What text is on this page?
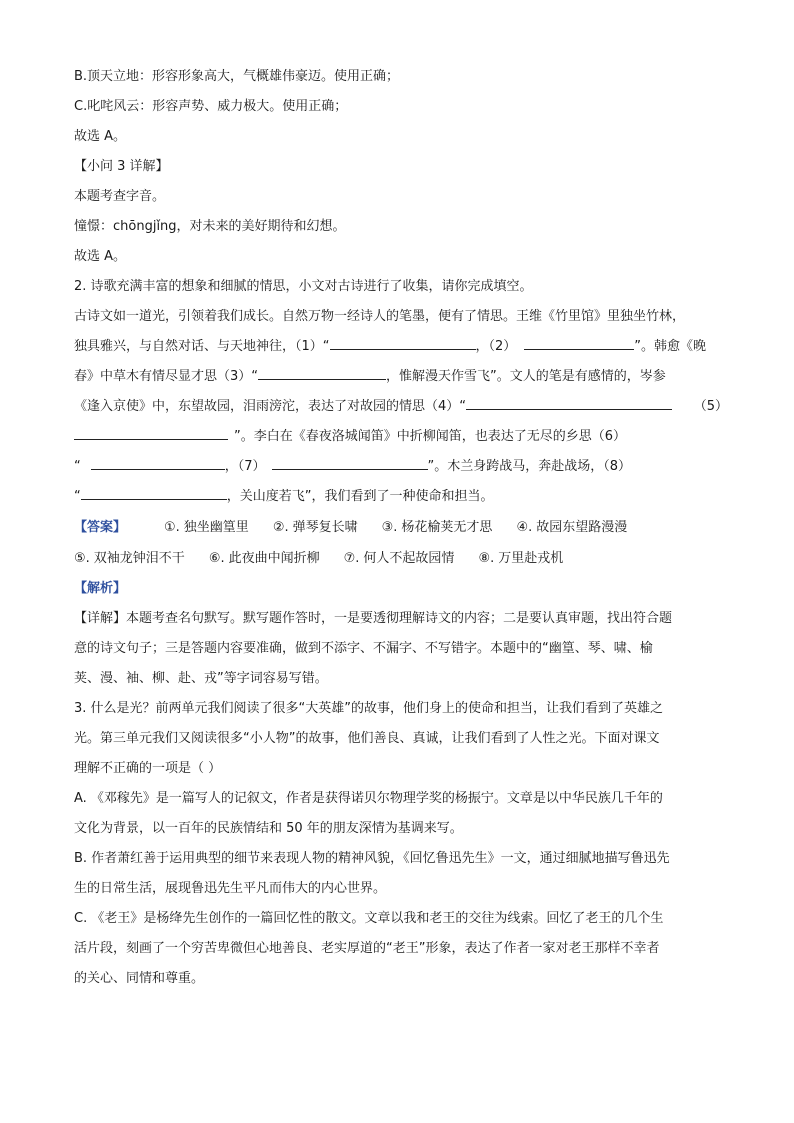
B.顶天立地：形容形象高大，气概雄伟豪迈。使用正确；

C.叱咤风云：形容声势、威力极大。使用正确；

故选 A。

【小问 3 详解】

本题考查字音。

憧憬：chōngjǐng，对未来的美好期待和幻想。

故选 A。

2. 诗歌充满丰富的想象和细腻的情思，小文对古诗进行了收集，请你完成填空。

古诗文如一道光，引领着我们成长。自然万物一经诗人的笔墨，便有了情思。王维《竹里馆》里独坐竹林，

独具雅兴，与自然对话、与天地神往，（1）“	，（2）	”。韩愈《晚

春》中草木有情尽显才思（3）“	，惟解漫天作雪飞”。文人的笔是有感情的，岑参

《逢入京使》中，东望故园，泪雨滂沱，表达了对故园的情思（4）“	（5）

”。李白在《春夜洛城闻笛》中折柳闻笛，也表达了无尽的乡思（6）

“	，（7）	”。木兰身跨战马，奔赴战场，（8）

“	，关山度若飞”，我们看到了一种使命和担当。

【答案】	①. 独坐幽篁里 ②. 弹琴复长啸 ③. 杨花榆荚无才思 ④. 故园东望路漫漫
⑤. 双袖龙钟泪不干 ⑥. 此夜曲中闻折柳 ⑦. 何人不起故园情 ⑧. 万里赴戎机

【解析】

【详解】本题考查名句默写。默写题作答时，一是要透彻理解诗文的内容；二是要认真审题，找出符合题

意的诗文句子；三是答题内容要准确，做到不添字、不漏字、不写错字。本题中的“幽篁、琴、啸、榆

荚、漫、袖、柳、赴、戎”等字词容易写错。

3. 什么是光？前两单元我们阅读了很多“大英雄”的故事，他们身上的使命和担当，让我们看到了英雄之

光。第三单元我们又阅读很多“小人物”的故事，他们善良、真诚，让我们看到了人性之光。下面对课文

理解不正确的一项是（ ）

A. 《邓稼先》是一篇写人的记叙文，作者是获得诺贝尔物理学奖的杨振宁。文章是以中华民族几千年的

文化为背景，以一百年的民族情结和 50 年的朋友深情为基调来写。

B. 作者萧红善于运用典型的细节来表现人物的精神风貌，《回忆鲁迅先生》一文，通过细腻地描写鲁迅先

生的日常生活，展现鲁迅先生平凡而伟大的内心世界。

C. 《老王》是杨绛先生创作的一篇回忆性的散文。文章以我和老王的交往为线索。回忆了老王的几个生

活片段，刻画了一个穷苦卑微但心地善良、老实厚道的“老王”形象，表达了作者一家对老王那样不幸者

的关心、同情和尊重。
